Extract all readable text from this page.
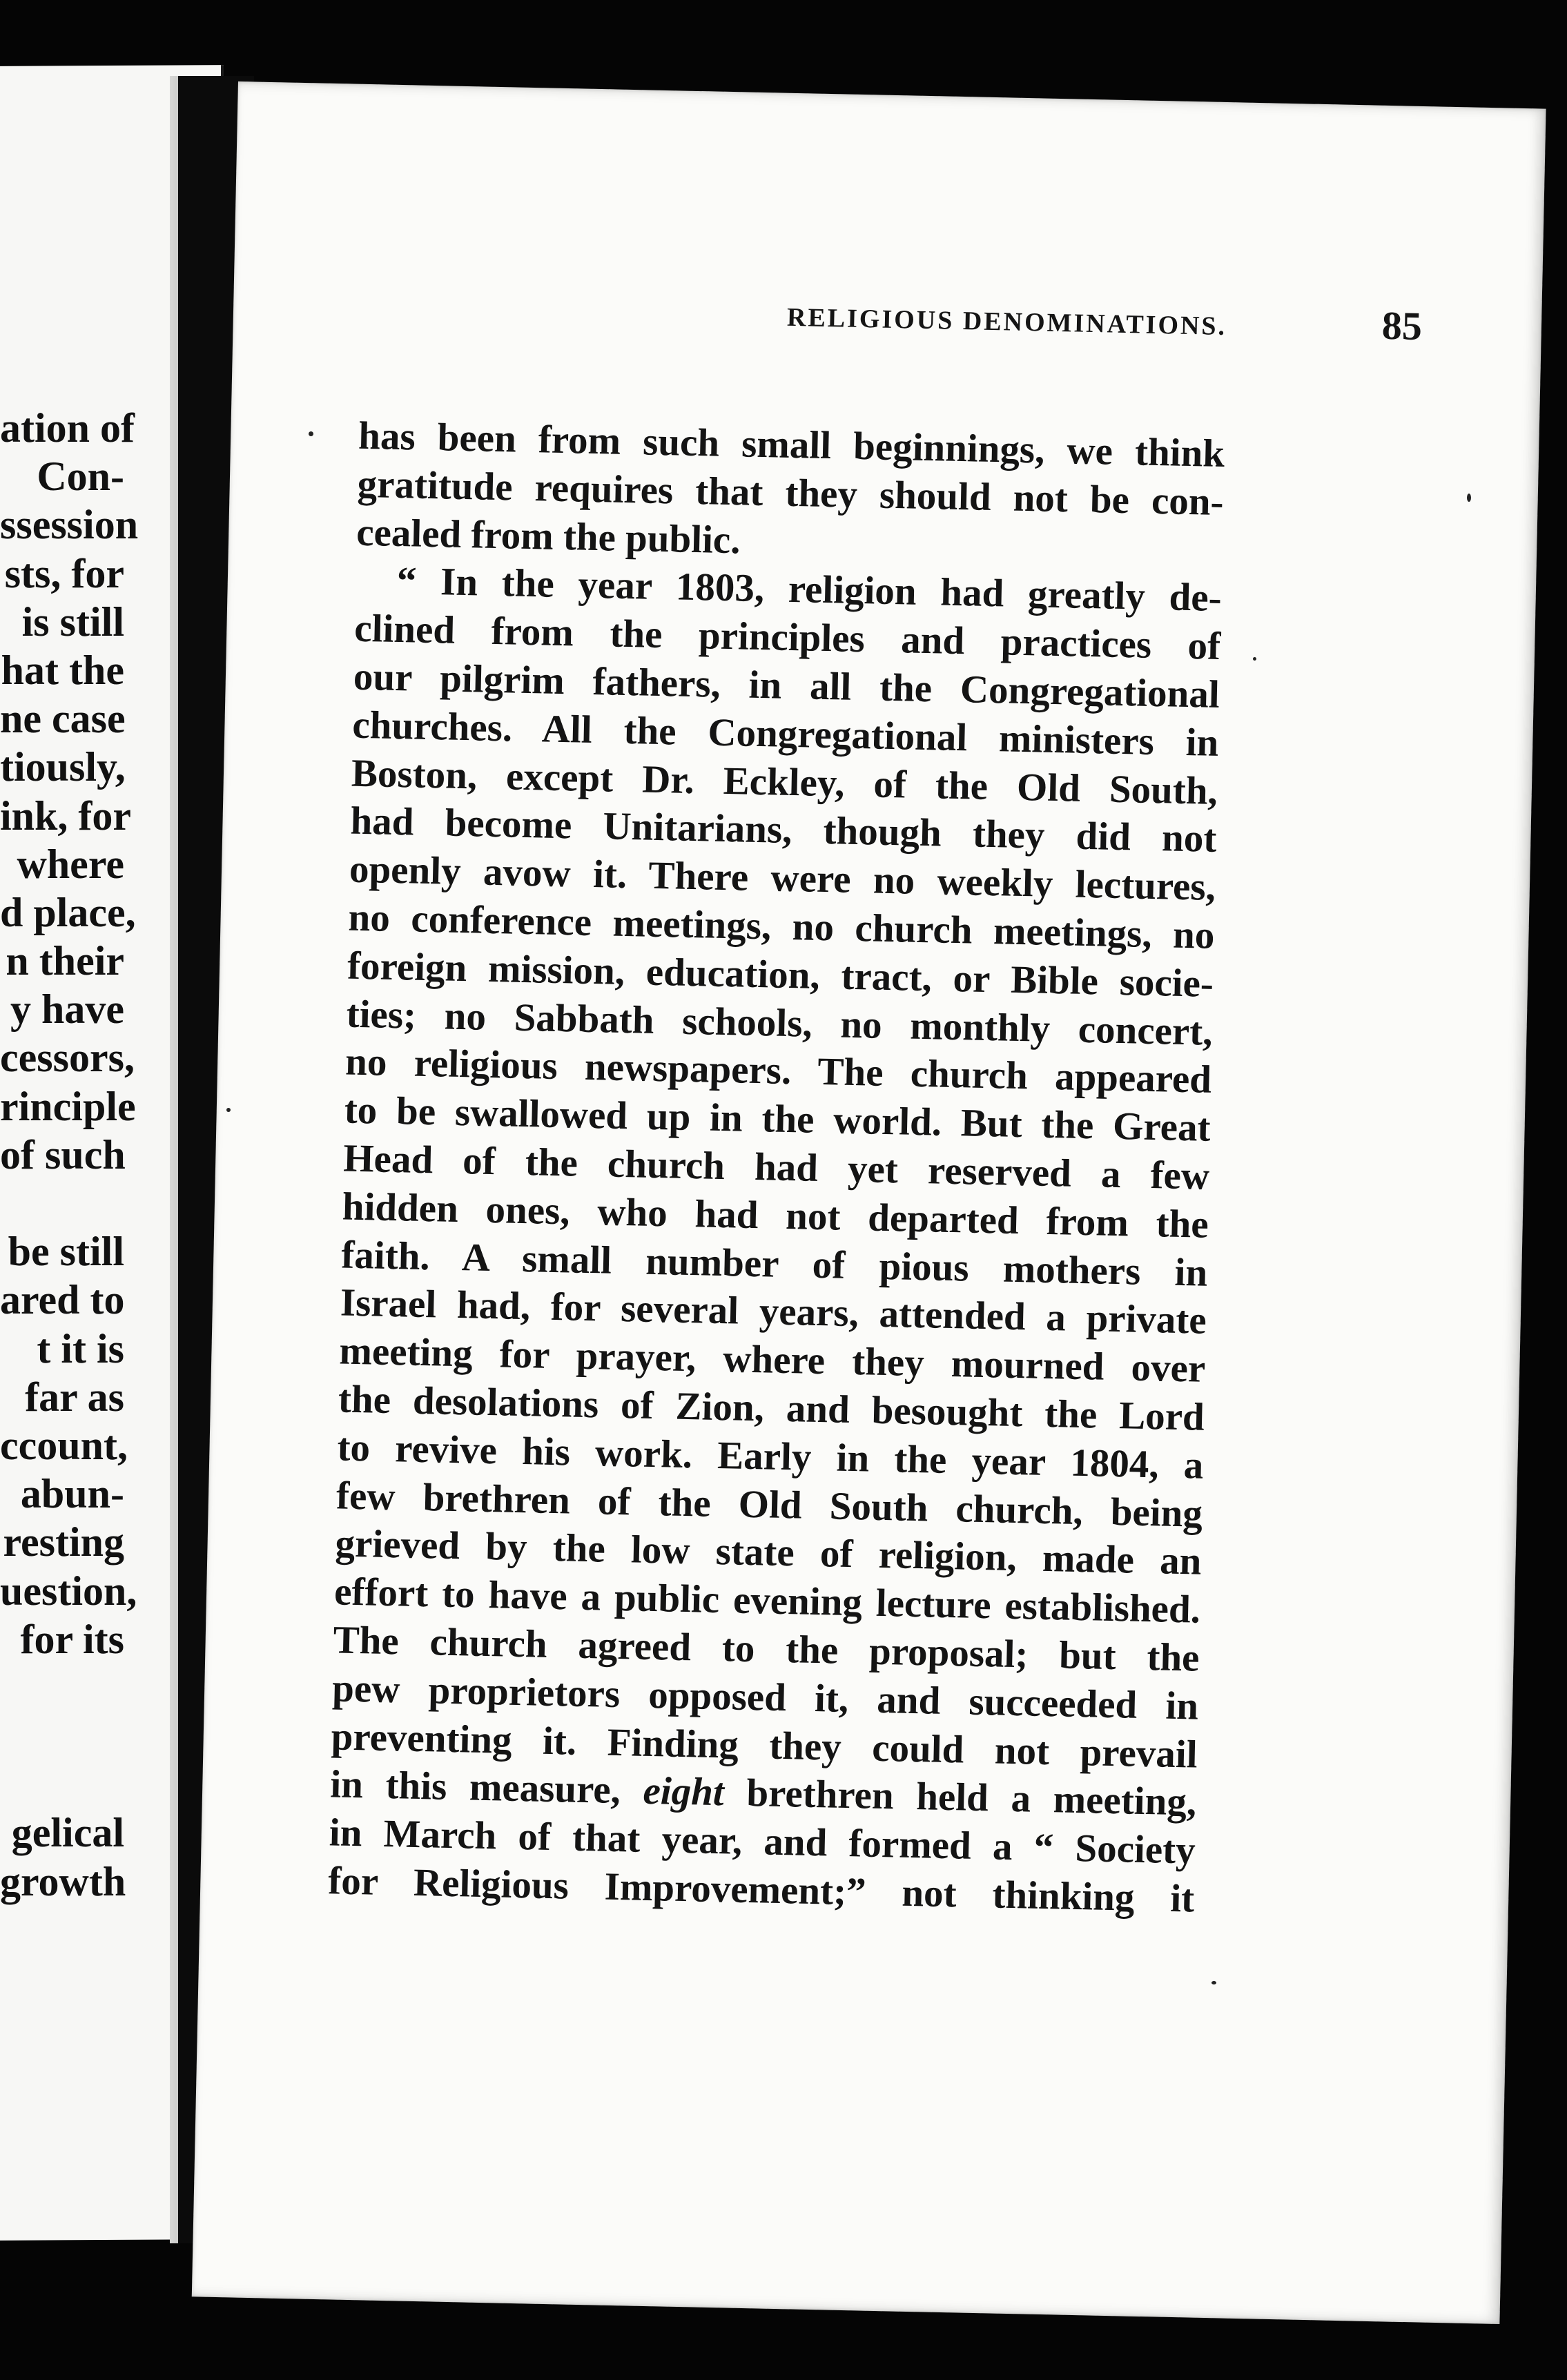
ation of
Con-
ssession
sts, for
is still
hat the
ne case
tiously,
ink, for
where
d place,
n their
y have
cessors,
rinciple
of such
be still
ared to
t it is
far as
ccount,
abun-
resting
uestion,
for its
gelical
growth
RELIGIOUS DENOMINATIONS.	85
has been from such small beginnings, we think
gratitude requires that they should not be con-
cealed from the public.
“ In the year 1803, religion had greatly de-
clined from the principles and practices of
our pilgrim fathers, in all the Congregational
churches. All the Congregational ministers in
Boston, except Dr. Eckley, of the Old South,
had become Unitarians, though they did not
openly avow it. There were no weekly lectures,
no conference meetings, no church meetings, no
foreign mission, education, tract, or Bible socie-
ties; no Sabbath schools, no monthly concert,
no religious newspapers. The church appeared
to be swallowed up in the world. But the Great
Head of the church had yet reserved a few
hidden ones, who had not departed from the
faith. A small number of pious mothers in
Israel had, for several years, attended a private
meeting for prayer, where they mourned over
the desolations of Zion, and besought the Lord
to revive his work. Early in the year 1804, a
few brethren of the Old South church, being
grieved by the low state of religion, made an
effort to have a public evening lecture established.
The church agreed to the proposal; but the
pew proprietors opposed it, and succeeded in
preventing it. Finding they could not prevail
in this measure, eight brethren held a meeting,
in March of that year, and formed a “ Society
for Religious Improvement;” not thinking it
